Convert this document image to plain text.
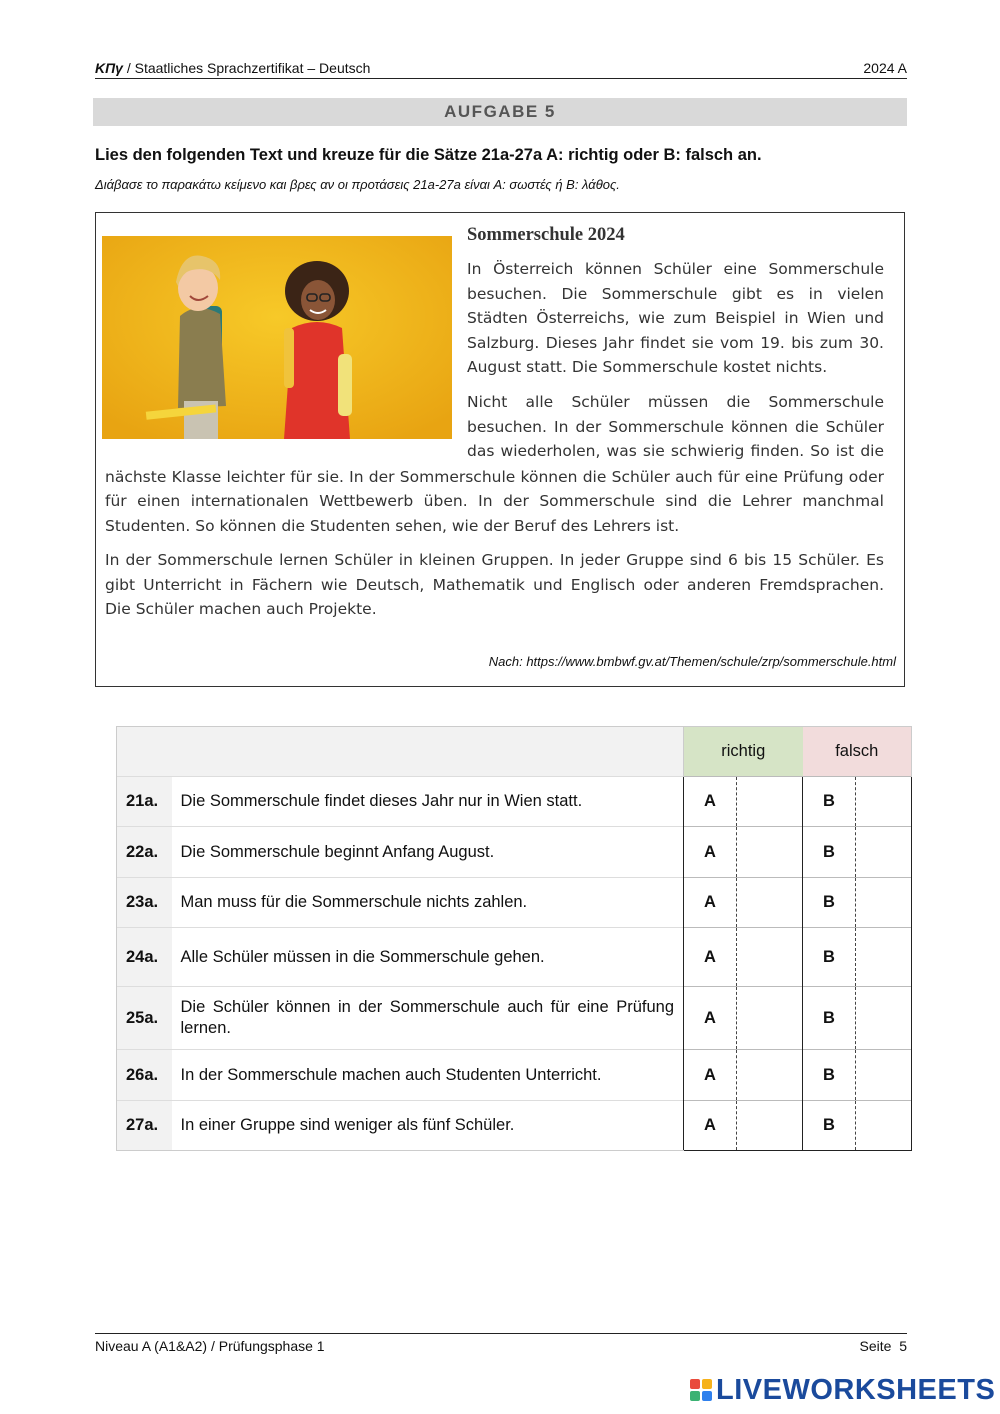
KΠγ / Staatliches Sprachzertifikat – Deutsch	2024 A
AUFGABE 5
Lies den folgenden Text und kreuze für die Sätze 21a-27a A: richtig oder B: falsch an.
Διάβασε το παρακάτω κείμενο και βρες αν οι προτάσεις 21a-27a είναι A: σωστές ή B: λάθος.
Sommerschule 2024
In Österreich können Schüler eine Sommerschule
besuchen. Die Sommerschule gibt es in vielen
Städten Österreichs, wie zum Beispiel in Wien und
Salzburg. Dieses Jahr findet sie vom 19. bis zum 30.
August statt. Die Sommerschule kostet nichts.
Nicht alle Schüler müssen die Sommerschule
besuchen. In der Sommerschule können die Schüler
das wiederholen, was sie schwierig finden. So ist die
nächste Klasse leichter für sie. In der Sommerschule können die Schüler auch für eine Prüfung oder
für einen internationalen Wettbewerb üben. In der Sommerschule sind die Lehrer manchmal
Studenten. So können die Studenten sehen, wie der Beruf des Lehrers ist.
In der Sommerschule lernen Schüler in kleinen Gruppen. In jeder Gruppe sind 6 bis 15 Schüler. Es
gibt Unterricht in Fächern wie Deutsch, Mathematik und Englisch oder anderen Fremdsprachen.
Die Schüler machen auch Projekte.
Nach: https://www.bmbwf.gv.at/Themen/schule/zrp/sommerschule.html
		richtig		falsch	
21a.	Die Sommerschule findet dieses Jahr nur in Wien statt.	A		B	
22a.	Die Sommerschule beginnt Anfang August.	A		B	
23a.	Man muss für die Sommerschule nichts zahlen.	A		B	
24a.	Alle Schüler müssen in die Sommerschule gehen.	A		B	
25a.	Die Schüler können in der Sommerschule auch für eine Prüfung lernen.	A		B	
26a.	In der Sommerschule machen auch Studenten Unterricht.	A		B	
27a.	In einer Gruppe sind weniger als fünf Schüler.	A		B	
Niveau A (A1&A2) / Prüfungsphase 1	Seite  5
LIVEWORKSHEETS
